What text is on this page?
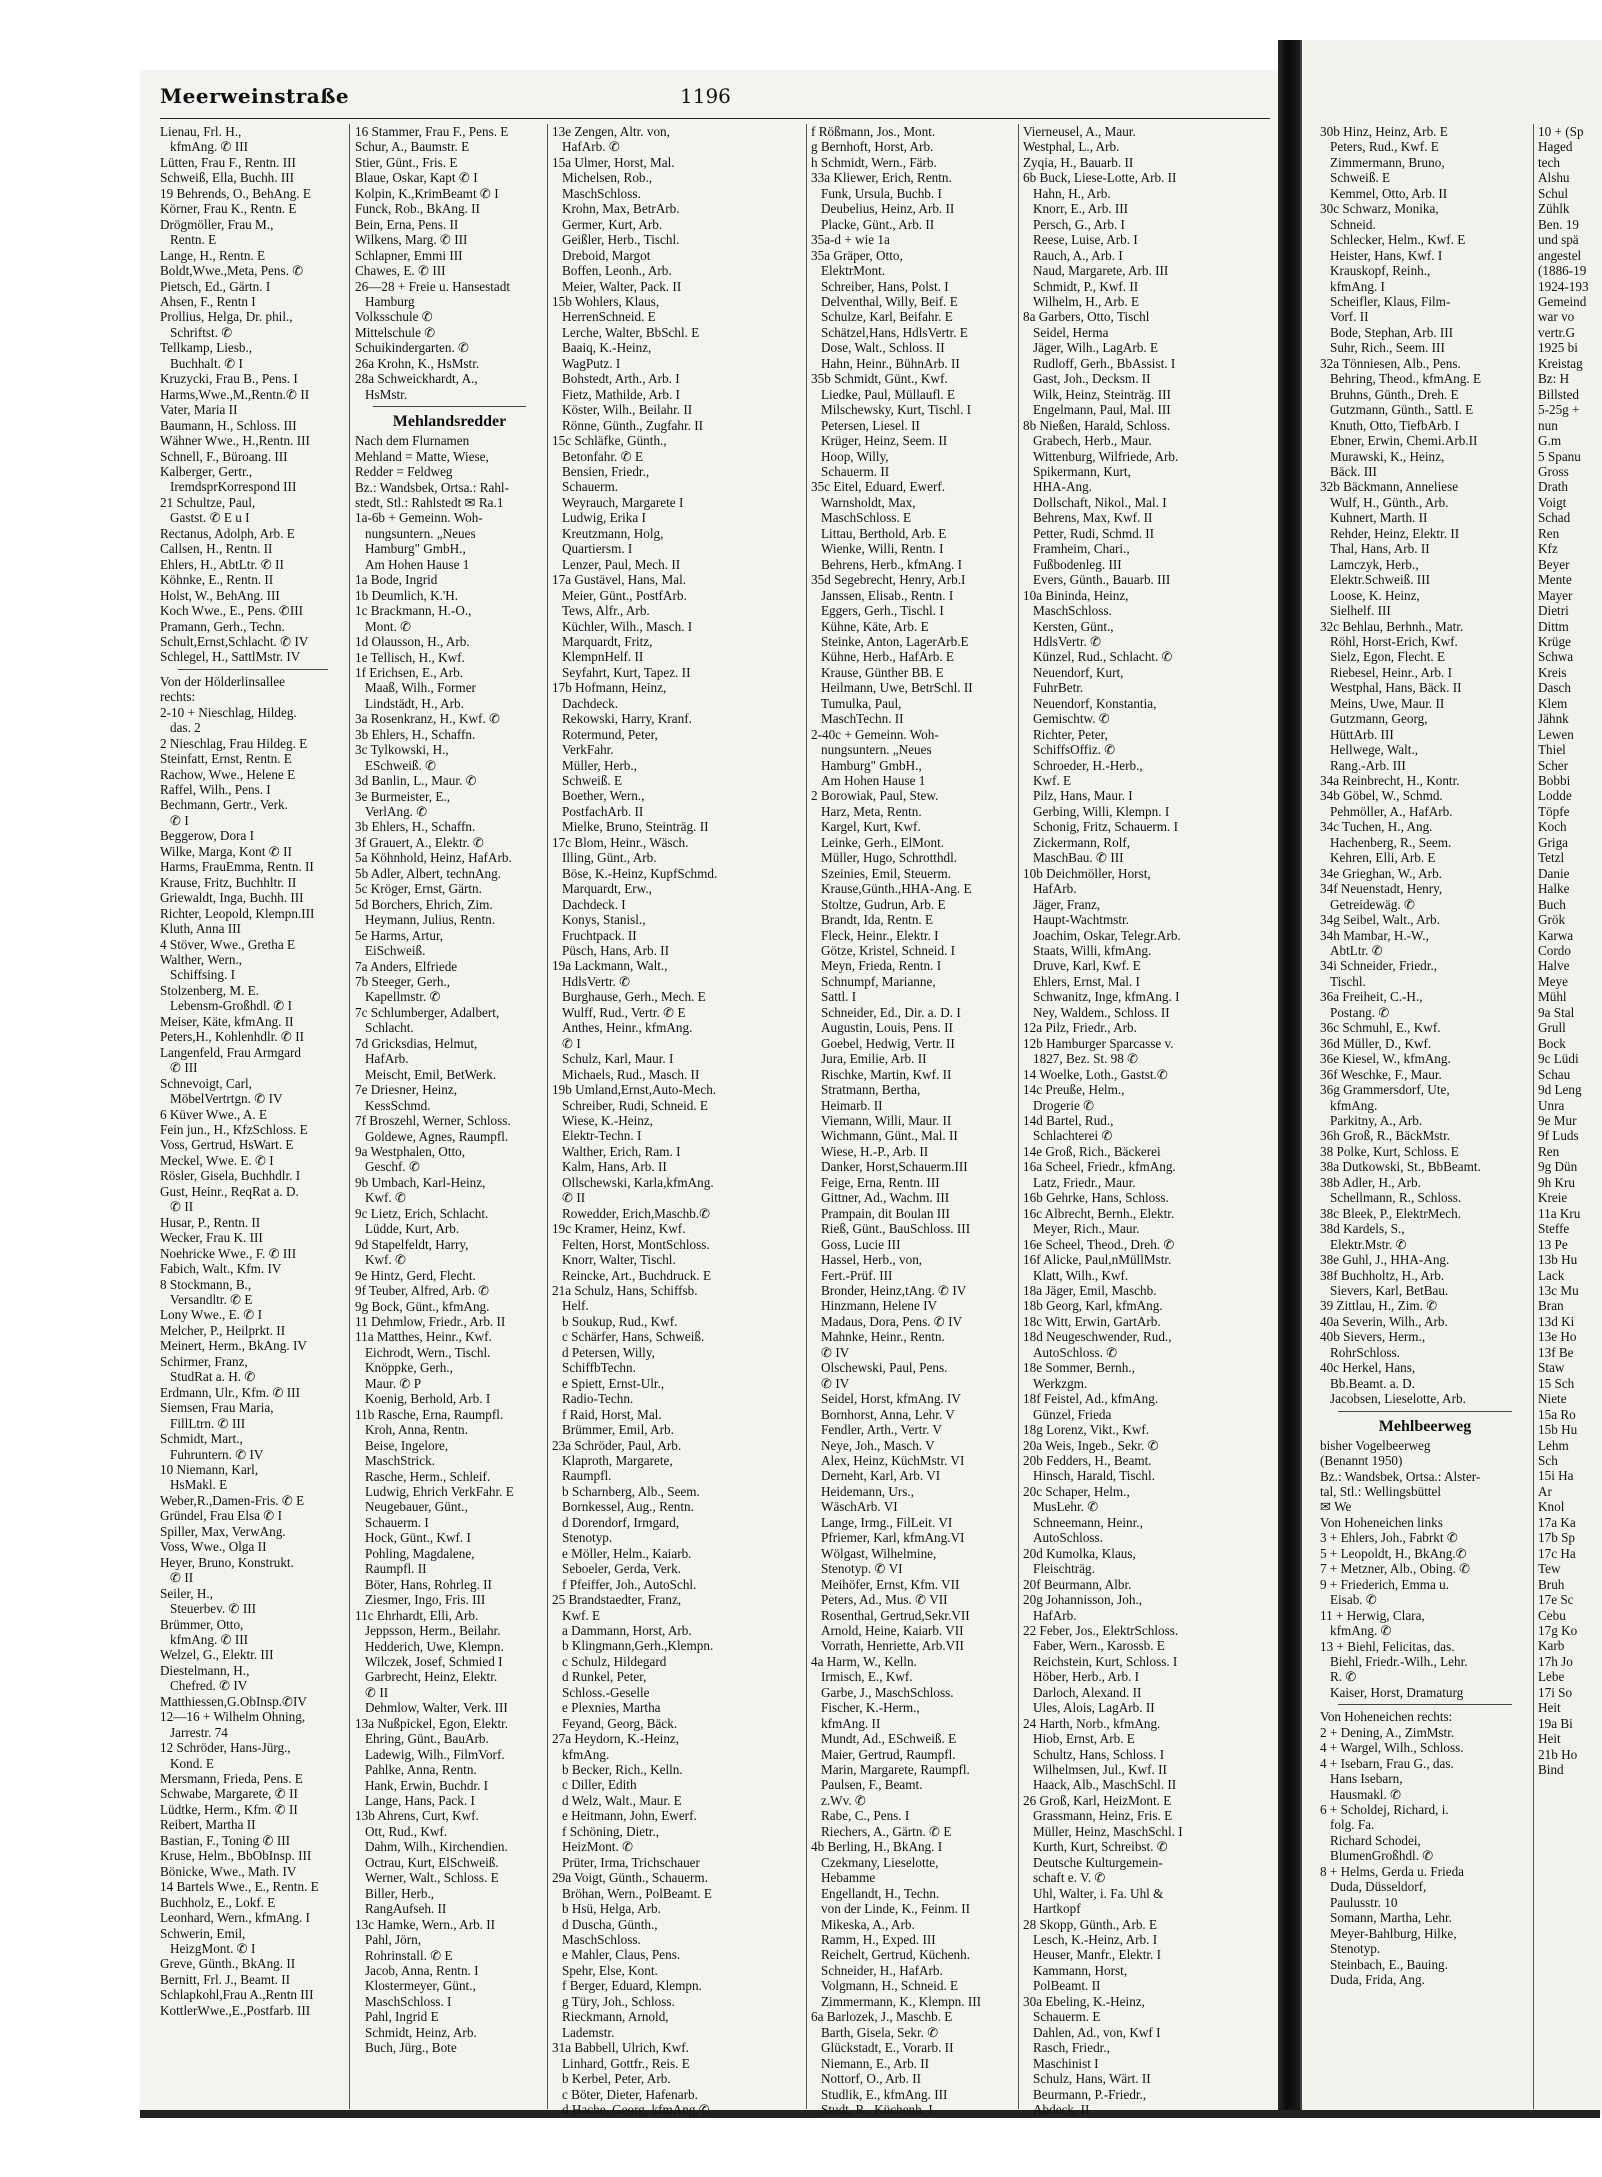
Meerweinstraße	1196
Lienau, Frl. H.,
kfmAng. ✆ III
Lütten, Frau F., Rentn. III
Schweiß, Ella, Buchh. III
19 Behrends, O., BehAng. E
Körner, Frau K., Rentn. E
Drögmöller, Frau M.,
Rentn. E
Lange, H., Rentn. E
Boldt,Wwe.,Meta, Pens. ✆
Pietsch, Ed., Gärtn. I
Ahsen, F., Rentn I
Prollius, Helga, Dr. phil.,
Schriftst. ✆
Tellkamp, Liesb.,
Buchhalt. ✆ I
Kruzycki, Frau B., Pens. I
Harms,Wwe.,M.,Rentn.✆ II
Vater, Maria II
Baumann, H., Schloss. III
Wähner Wwe., H.,Rentn. III
Schnell, F., Büroang. III
Kalberger, Gertr.,
IremdsprKorrespond III
21 Schultze, Paul,
Gastst. ✆ E u I
Rectanus, Adolph, Arb. E
Callsen, H., Rentn. II
Ehlers, H., AbtLtr. ✆ II
Köhnke, E., Rentn. II
Holst, W., BehAng. III
Koch Wwe., E., Pens. ✆III
Pramann, Gerh., Techn.
Schult,Ernst,Schlacht. ✆ IV
Schlegel, H., SattlMstr. IV
Von der Hölderlinsallee
rechts:
2-10 + Nieschlag, Hildeg.
das. 2
2 Nieschlag, Frau Hildeg. E
Steinfatt, Ernst, Rentn. E
Rachow, Wwe., Helene E
Raffel, Wilh., Pens. I
Bechmann, Gertr., Verk.
✆ I
Beggerow, Dora I
Wilke, Marga, Kont ✆ II
Harms, FrauEmma, Rentn. II
Krause, Fritz, Buchhltr. II
Griewaldt, Inga, Buchh. III
Richter, Leopold, Klempn.III
Kluth, Anna III
4 Stöver, Wwe., Gretha E
Walther, Wern.,
Schiffsing. I
Stolzenberg, M. E.
Lebensm-Großhdl. ✆ I
Meiser, Käte, kfmAng. II
Peters,H., Kohlenhdlr. ✆ II
Langenfeld, Frau Armgard
✆ III
Schnevoigt, Carl,
MöbelVertrtgn. ✆ IV
6 Küver Wwe., A. E
Fein jun., H., KfzSchloss. E
Voss, Gertrud, HsWart. E
Meckel, Wwe. E. ✆ I
Rösler, Gisela, Buchhdlr. I
Gust, Heinr., ReqRat a. D.
✆ II
Husar, P., Rentn. II
Wecker, Frau K. III
Noehricke Wwe., F. ✆ III
Fabich, Walt., Kfm. IV
8 Stockmann, B.,
Versandltr. ✆ E
Lony Wwe., E. ✆ I
Melcher, P., Heilprkt. II
Meinert, Herm., BkAng. IV
Schirmer, Franz,
StudRat a. H. ✆
Erdmann, Ulr., Kfm. ✆ III
Siemsen, Frau Maria,
FillLtrn. ✆ III
Schmidt, Mart.,
Fuhruntern. ✆ IV
10 Niemann, Karl,
HsMakl. E
Weber,R.,Damen-Fris. ✆ E
Gründel, Frau Elsa ✆ I
Spiller, Max, VerwAng.
Voss, Wwe., Olga II
Heyer, Bruno, Konstrukt.
✆ II
Seiler, H.,
Steuerbev. ✆ III
Brümmer, Otto,
kfmAng. ✆ III
Welzel, G., Elektr. III
Diestelmann, H.,
Chefred. ✆ IV
Matthiessen,G.ObInsp.✆IV
12—16 + Wilhelm Ohning,
Jarrestr. 74
12 Schröder, Hans-Jürg.,
Kond. E
Mersmann, Frieda, Pens. E
Schwabe, Margarete, ✆ II
Lüdtke, Herm., Kfm. ✆ II
Reibert, Martha II
Bastian, F., Toning ✆ III
Kruse, Helm., BbObInsp. III
Bönicke, Wwe., Math. IV
14 Bartels Wwe., E., Rentn. E
Buchholz, E., Lokf. E
Leonhard, Wern., kfmAng. I
Schwerin, Emil,
HeizgMont. ✆ I
Greve, Günth., BkAng. II
Bernitt, Frl. J., Beamt. II
Schlapkohl,Frau A.,Rentn III
KottlerWwe.,E.,Postfarb. III
16 Stammer, Frau F., Pens. E
Schur, A., Baumstr. E
Stier, Günt., Fris. E
Blaue, Oskar, Kapt ✆ I
Kolpin, K.,KrimBeamt ✆ I
Funck, Rob., BkAng. II
Bein, Erna, Pens. II
Wilkens, Marg. ✆ III
Schlapner, Emmi III
Chawes, E. ✆ III
26—28 + Freie u. Hansestadt
Hamburg
Volksschule ✆
Mittelschule ✆
Schuikindergarten. ✆
26a Krohn, K., HsMstr.
28a Schweickhardt, A.,
HsMstr.
Mehlandsredder
Nach dem Flurnamen
Mehland = Matte, Wiese,
Redder = Feldweg
Bz.: Wandsbek, Ortsa.: Rahl-
stedt, Stl.: Rahlstedt ✉ Ra.1
1a-6b + Gemeinn. Woh-
nungsuntern. „Neues
Hamburg" GmbH.,
Am Hohen Hause 1
1a Bode, Ingrid
1b Deumlich, K.'H.
1c Brackmann, H.-O.,
Mont. ✆
1d Olausson, H., Arb.
1e Tellisch, H., Kwf.
1f Erichsen, E., Arb.
Maaß, Wilh., Former
Lindstädt, H., Arb.
3a Rosenkranz, H., Kwf. ✆
3b Ehlers, H., Schaffn.
3c Tylkowski, H.,
ESchweiß. ✆
3d Banlin, L., Maur. ✆
3e Burmeister, E.,
VerlAng. ✆
3b Ehlers, H., Schaffn.
3f Grauert, A., Elektr. ✆
5a Köhnhold, Heinz, HafArb.
5b Adler, Albert, technAng.
5c Kröger, Ernst, Gärtn.
5d Borchers, Ehrich, Zim.
Heymann, Julius, Rentn.
5e Harms, Artur,
EiSchweiß.
7a Anders, Elfriede
7b Steeger, Gerh.,
Kapellmstr. ✆
7c Schlumberger, Adalbert,
Schlacht.
7d Gricksdias, Helmut,
HafArb.
Meischt, Emil, BetWerk.
7e Driesner, Heinz,
KessSchmd.
7f Broszehl, Werner, Schloss.
Goldewe, Agnes, Raumpfl.
9a Westphalen, Otto,
Geschf. ✆
9b Umbach, Karl-Heinz,
Kwf. ✆
9c Lietz, Erich, Schlacht.
Lüdde, Kurt, Arb.
9d Stapelfeldt, Harry,
Kwf. ✆
9e Hintz, Gerd, Flecht.
9f Teuber, Alfred, Arb. ✆
9g Bock, Günt., kfmAng.
11 Dehmlow, Friedr., Arb. II
11a Matthes, Heinr., Kwf.
Eichrodt, Wern., Tischl.
Knöppke, Gerh.,
Maur. ✆ P
Koenig, Berhold, Arb. I
11b Rasche, Erna, Raumpfl.
Kroh, Anna, Rentn.
Beise, Ingelore,
MaschStrick.
Rasche, Herm., Schleif.
Ludwig, Ehrich VerkFahr. E
Neugebauer, Günt.,
Schauerm. I
Hock, Günt., Kwf. I
Pohling, Magdalene,
Raumpfl. II
Böter, Hans, Rohrleg. II
Ziesmer, Ingo, Fris. III
11c Ehrhardt, Elli, Arb.
Jeppsson, Herm., Beilahr.
Hedderich, Uwe, Klempn.
Wilczek, Josef, Schmied I
Garbrecht, Heinz, Elektr.
✆ II
Dehmlow, Walter, Verk. III
13a Nußpickel, Egon, Elektr.
Ehring, Günt., BauArb.
Ladewig, Wilh., FilmVorf.
Pahlke, Anna, Rentn.
Hank, Erwin, Buchdr. I
Lange, Hans, Pack. I
13b Ahrens, Curt, Kwf.
Ott, Rud., Kwf.
Dahm, Wilh., Kirchendien.
Octrau, Kurt, ElSchweiß.
Werner, Walt., Schloss. E
Biller, Herb.,
RangAufseh. II
13c Hamke, Wern., Arb. II
Pahl, Jörn,
Rohrinstall. ✆ E
Jacob, Anna, Rentn. I
Klostermeyer, Günt.,
MaschSchloss. I
Pahl, Ingrid E
Schmidt, Heinz, Arb.
Buch, Jürg., Bote
13e Zengen, Altr. von,
HafArb. ✆
15a Ulmer, Horst, Mal.
Michelsen, Rob.,
MaschSchloss.
Krohn, Max, BetrArb.
Germer, Kurt, Arb.
Geißler, Herb., Tischl.
Dreboid, Margot
Boffen, Leonh., Arb.
Meier, Walter, Pack. II
15b Wohlers, Klaus,
HerrenSchneid. E
Lerche, Walter, BbSchl. E
Baaiq, K.-Heinz,
WagPutz. I
Bohstedt, Arth., Arb. I
Fietz, Mathilde, Arb. I
Köster, Wilh., Beilahr. II
Rönne, Günth., Zugfahr. II
15c Schläfke, Günth.,
Betonfahr. ✆ E
Bensien, Friedr.,
Schauerm.
Weyrauch, Margarete I
Ludwig, Erika I
Kreutzmann, Holg,
Quartiersm. I
Lenzer, Paul, Mech. II
17a Gustävel, Hans, Mal.
Meier, Günt., PostfArb.
Tews, Alfr., Arb.
Küchler, Wilh., Masch. I
Marquardt, Fritz,
KlempnHelf. II
Seyfahrt, Kurt, Tapez. II
17b Hofmann, Heinz,
Dachdeck.
Rekowski, Harry, Kranf.
Rotermund, Peter,
VerkFahr.
Müller, Herb.,
Schweiß. E
Boether, Wern.,
PostfachArb. II
Mielke, Bruno, Steinträg. II
17c Blom, Heinr., Wäsch.
Illing, Günt., Arb.
Böse, K.-Heinz, KupfSchmd.
Marquardt, Erw.,
Dachdeck. I
Konys, Stanisl.,
Fruchtpack. II
Püsch, Hans, Arb. II
19a Lackmann, Walt.,
HdlsVertr. ✆
Burghause, Gerh., Mech. E
Wulff, Rud., Vertr. ✆ E
Anthes, Heinr., kfmAng.
✆ I
Schulz, Karl, Maur. I
Michaels, Rud., Masch. II
19b Umland,Ernst,Auto-Mech.
Schreiber, Rudi, Schneid. E
Wiese, K.-Heinz,
Elektr-Techn. I
Walther, Erich, Ram. I
Kalm, Hans, Arb. II
Ollschewski, Karla,kfmAng.
✆ II
Rowedder, Erich,Maschb.✆
19c Kramer, Heinz, Kwf.
Felten, Horst, MontSchloss.
Knorr, Walter, Tischl.
Reincke, Art., Buchdruck. E
21a Schulz, Hans, Schiffsb.
Helf.
b Soukup, Rud., Kwf.
c Schärfer, Hans, Schweiß.
d Petersen, Willy,
SchiffbTechn.
e Spiett, Ernst-Ulr.,
Radio-Techn.
f Raid, Horst, Mal.
Brümmer, Emil, Arb.
23a Schröder, Paul, Arb.
Klaproth, Margarete,
Raumpfl.
b Scharnberg, Alb., Seem.
Bornkessel, Aug., Rentn.
d Dorendorf, Irmgard,
Stenotyp.
e Möller, Helm., Kaiarb.
Seboeler, Gerda, Verk.
f Pfeiffer, Joh., AutoSchl.
25 Brandstaedter, Franz,
Kwf. E
a Dammann, Horst, Arb.
b Klingmann,Gerh.,Klempn.
c Schulz, Hildegard
d Runkel, Peter,
Schloss.-Geselle
e Plexnies, Martha
Feyand, Georg, Bäck.
27a Heydorn, K.-Heinz,
kfmAng.
b Becker, Rich., Kelln.
c Diller, Edith
d Welz, Walt., Maur. E
e Heitmann, John, Ewerf.
f Schöning, Dietr.,
HeizMont. ✆
Prüter, Irma, Trichschauer
29a Voigt, Günth., Schauerm.
Bröhan, Wern., PolBeamt. E
b Hsü, Helga, Arb.
d Duscha, Günth.,
MaschSchloss.
e Mahler, Claus, Pens.
Spehr, Else, Kont.
f Berger, Eduard, Klempn.
g Türy, Joh., Schloss.
Rieckmann, Arnold,
Lademstr.
31a Babbell, Ulrich, Kwf.
Linhard, Gottfr., Reis. E
b Kerbel, Peter, Arb.
c Böter, Dieter, Hafenarb.
d Hache, Georg, kfmAng.✆
f Rößmann, Jos., Mont.
g Bernhoft, Horst, Arb.
h Schmidt, Wern., Färb.
33a Kliewer, Erich, Rentn.
Funk, Ursula, Buchb. I
Deubelius, Heinz, Arb. II
Placke, Günt., Arb. II
35a-d + wie 1a
35a Gräper, Otto,
ElektrMont.
Schreiber, Hans, Polst. I
Delventhal, Willy, Beif. E
Schulze, Karl, Beifahr. E
Schätzel,Hans, HdlsVertr. E
Dose, Walt., Schloss. II
Hahn, Heinr., BühnArb. II
35b Schmidt, Günt., Kwf.
Liedke, Paul, Müllaufl. E
Milschewsky, Kurt, Tischl. I
Petersen, Liesel. II
Krüger, Heinz, Seem. II
Hoop, Willy,
Schauerm. II
35c Eitel, Eduard, Ewerf.
Warnsholdt, Max,
MaschSchloss. E
Littau, Berthold, Arb. E
Wienke, Willi, Rentn. I
Behrens, Herb., kfmAng. I
35d Segebrecht, Henry, Arb.I
Janssen, Elisab., Rentn. I
Eggers, Gerh., Tischl. I
Kühne, Käte, Arb. E
Steinke, Anton, LagerArb.E
Kühne, Herb., HafArb. E
Krause, Günther BB. E
Heilmann, Uwe, BetrSchl. II
Tumulka, Paul,
MaschTechn. II
2-40c + Gemeinn. Woh-
nungsuntern. „Neues
Hamburg" GmbH.,
Am Hohen Hause 1
2 Borowiak, Paul, Stew.
Harz, Meta, Rentn.
Kargel, Kurt, Kwf.
Leinke, Gerh., ElMont.
Müller, Hugo, Schrotthdl.
Szeinies, Emil, Steuerm.
Krause,Günth.,HHA-Ang. E
Stoltze, Gudrun, Arb. E
Brandt, Ida, Rentn. E
Fleck, Heinr., Elektr. I
Götze, Kristel, Schneid. I
Meyn, Frieda, Rentn. I
Schnumpf, Marianne,
Sattl. I
Schneider, Ed., Dir. a. D. I
Augustin, Louis, Pens. II
Goebel, Hedwig, Vertr. II
Jura, Emilie, Arb. II
Rischke, Martin, Kwf. II
Stratmann, Bertha,
Heimarb. II
Viemann, Willi, Maur. II
Wichmann, Günt., Mal. II
Wiese, H.-P., Arb. II
Danker, Horst,Schauerm.III
Feige, Erna, Rentn. III
Gittner, Ad., Wachm. III
Prampain, dit Boulan III
Rieß, Günt., BauSchloss. III
Goss, Lucie III
Hassel, Herb., von,
Fert.-Prüf. III
Bronder, Heinz,tAng. ✆ IV
Hinzmann, Helene IV
Madaus, Dora, Pens. ✆ IV
Mahnke, Heinr., Rentn.
✆ IV
Olschewski, Paul, Pens.
✆ IV
Seidel, Horst, kfmAng. IV
Bornhorst, Anna, Lehr. V
Fendler, Arth., Vertr. V
Neye, Joh., Masch. V
Alex, Heinz, KüchMstr. VI
Derneht, Karl, Arb. VI
Heidemann, Urs.,
WäschArb. VI
Lange, Irmg., FilLeit. VI
Pfriemer, Karl, kfmAng.VI
Wölgast, Wilhelmine,
Stenotyp. ✆ VI
Meihöfer, Ernst, Kfm. VII
Peters, Ad., Mus. ✆ VII
Rosenthal, Gertrud,Sekr.VII
Arnold, Heine, Kaiarb. VII
Vorrath, Henriette, Arb.VII
4a Harm, W., Kelln.
Irmisch, E., Kwf.
Garbe, J., MaschSchloss.
Fischer, K.-Herm.,
kfmAng. II
Mundt, Ad., ESchweiß. E
Maier, Gertrud, Raumpfl.
Marin, Margarete, Raumpfl.
Paulsen, F., Beamt.
z.Wv. ✆
Rabe, C., Pens. I
Riechers, A., Gärtn. ✆ E
4b Berling, H., BkAng. I
Czekmany, Lieselotte,
Hebamme
Engellandt, H., Techn.
von der Linde, K., Feinm. II
Mikeska, A., Arb.
Ramm, H., Exped. III
Reichelt, Gertrud, Küchenh.
Schneider, H., HafArb.
Volgmann, H., Schneid. E
Zimmermann, K., Klempn. III
6a Barlozek, J., Maschb. E
Barth, Gisela, Sekr. ✆
Glückstadt, E., Vorarb. II
Niemann, E., Arb. II
Nottorf, O., Arb. II
Studlik, E., kfmAng. III
Studt, R., Küchenh. I
Vierneusel, A., Maur.
Westphal, L., Arb.
Zyqia, H., Bauarb. II
6b Buck, Liese-Lotte, Arb. II
Hahn, H., Arb.
Knorr, E., Arb. III
Persch, G., Arb. I
Reese, Luise, Arb. I
Rauch, A., Arb. I
Naud, Margarete, Arb. III
Schmidt, P., Kwf. II
Wilhelm, H., Arb. E
8a Garbers, Otto, Tischl
Seidel, Herma
Jäger, Wilh., LagArb. E
Rudloff, Gerh., BbAssist. I
Gast, Joh., Decksm. II
Wilk, Heinz, Steinträg. III
Engelmann, Paul, Mal. III
8b Nießen, Harald, Schloss.
Grabech, Herb., Maur.
Wittenburg, Wilfriede, Arb.
Spikermann, Kurt,
HHA-Ang.
Dollschaft, Nikol., Mal. I
Behrens, Max, Kwf. II
Petter, Rudi, Schmd. II
Framheim, Chari.,
Fußbodenleg. III
Evers, Günth., Bauarb. III
10a Bininda, Heinz,
MaschSchloss.
Kersten, Günt.,
HdlsVertr. ✆
Künzel, Rud., Schlacht. ✆
Neuendorf, Kurt,
FuhrBetr.
Neuendorf, Konstantia,
Gemischtw. ✆
Richter, Peter,
SchiffsOffiz. ✆
Schroeder, H.-Herb.,
Kwf. E
Pilz, Hans, Maur. I
Gerbing, Willi, Klempn. I
Schonig, Fritz, Schauerm. I
Zickermann, Rolf,
MaschBau. ✆ III
10b Deichmöller, Horst,
HafArb.
Jäger, Franz,
Haupt-Wachtmstr.
Joachim, Oskar, Telegr.Arb.
Staats, Willi, kfmAng.
Druve, Karl, Kwf. E
Ehlers, Ernst, Mal. I
Schwanitz, Inge, kfmAng. I
Ney, Waldem., Schloss. II
12a Pilz, Friedr., Arb.
12b Hamburger Sparcasse v.
1827, Bez. St. 98 ✆
14 Woelke, Loth., Gastst.✆
14c Preuße, Helm.,
Drogerie ✆
14d Bartel, Rud.,
Schlachterei ✆
14e Groß, Rich., Bäckerei
16a Scheel, Friedr., kfmAng.
Latz, Friedr., Maur.
16b Gehrke, Hans, Schloss.
16c Albrecht, Bernh., Elektr.
Meyer, Rich., Maur.
16e Scheel, Theod., Dreh. ✆
16f Alicke, Paul,nMüllMstr.
Klatt, Wilh., Kwf.
18a Jäger, Emil, Maschb.
18b Georg, Karl, kfmAng.
18c Witt, Erwin, GartArb.
18d Neugeschwender, Rud.,
AutoSchloss. ✆
18e Sommer, Bernh.,
Werkzgm.
18f Feistel, Ad., kfmAng.
Günzel, Frieda
18g Lorenz, Vikt., Kwf.
20a Weis, Ingeb., Sekr. ✆
20b Fedders, H., Beamt.
Hinsch, Harald, Tischl.
20c Schaper, Helm.,
MusLehr. ✆
Schneemann, Heinr.,
AutoSchloss.
20d Kumolka, Klaus,
Fleischträg.
20f Beurmann, Albr.
20g Johannisson, Joh.,
HafArb.
22 Feber, Jos., ElektrSchloss.
Faber, Wern., Karossb. E
Reichstein, Kurt, Schloss. I
Höber, Herb., Arb. I
Darloch, Alexand. II
Ules, Alois, LagArb. II
24 Harth, Norb., kfmAng.
Hiob, Ernst, Arb. E
Schultz, Hans, Schloss. I
Wilhelmsen, Jul., Kwf. II
Haack, Alb., MaschSchl. II
26 Groß, Karl, HeizMont. E
Grassmann, Heinz, Fris. E
Müller, Heinz, MaschSchl. I
Kurth, Kurt, Schreibst. ✆
Deutsche Kulturgemein-
schaft e. V. ✆
Uhl, Walter, i. Fa. Uhl &
Hartkopf
28 Skopp, Günth., Arb. E
Lesch, K.-Heinz, Arb. I
Heuser, Manfr., Elektr. I
Kammann, Horst,
PolBeamt. II
30a Ebeling, K.-Heinz,
Schauerm. E
Dahlen, Ad., von, Kwf I
Rasch, Friedr.,
Maschinist I
Schulz, Hans, Wärt. II
Beurmann, P.-Friedr.,
Abdeck. II
30b Hinz, Heinz, Arb. E
Peters, Rud., Kwf. E
Zimmermann, Bruno,
Schweiß. E
Kemmel, Otto, Arb. II
30c Schwarz, Monika,
Schneid.
Schlecker, Helm., Kwf. E
Heister, Hans, Kwf. I
Krauskopf, Reinh.,
kfmAng. I
Scheifler, Klaus, Film-
Vorf. II
Bode, Stephan, Arb. III
Suhr, Rich., Seem. III
32a Tönniesen, Alb., Pens.
Behring, Theod., kfmAng. E
Bruhns, Günth., Dreh. E
Gutzmann, Günth., Sattl. E
Knuth, Otto, TiefbArb. I
Ebner, Erwin, Chemi.Arb.II
Murawski, K., Heinz,
Bäck. III
32b Bäckmann, Anneliese
Wulf, H., Günth., Arb.
Kuhnert, Marth. II
Rehder, Heinz, Elektr. II
Thal, Hans, Arb. II
Lamczyk, Herb.,
Elektr.Schweiß. III
Loose, K. Heinz,
Sielhelf. III
32c Behlau, Berhnh., Matr.
Röhl, Horst-Erich, Kwf.
Sielz, Egon, Flecht. E
Riebesel, Heinr., Arb. I
Westphal, Hans, Bäck. II
Meins, Uwe, Maur. II
Gutzmann, Georg,
HüttArb. III
Hellwege, Walt.,
Rang.-Arb. III
34a Reinbrecht, H., Kontr.
34b Göbel, W., Schmd.
Pehmöller, A., HafArb.
34c Tuchen, H., Ang.
Hachenberg, R., Seem.
Kehren, Elli, Arb. E
34e Grieghan, W., Arb.
34f Neuenstadt, Henry,
Getreidewäg. ✆
34g Seibel, Walt., Arb.
34h Mambar, H.-W.,
AbtLtr. ✆
34i Schneider, Friedr.,
Tischl.
36a Freiheit, C.-H.,
Postang. ✆
36c Schmuhl, E., Kwf.
36d Müller, D., Kwf.
36e Kiesel, W., kfmAng.
36f Weschke, F., Maur.
36g Grammersdorf, Ute,
kfmAng.
Parkitny, A., Arb.
36h Groß, R., BäckMstr.
38 Polke, Kurt, Schloss. E
38a Dutkowski, St., BbBeamt.
38b Adler, H., Arb.
Schellmann, R., Schloss.
38c Bleek, P., ElektrMech.
38d Kardels, S.,
Elektr.Mstr. ✆
38e Guhl, J., HHA-Ang.
38f Buchholtz, H., Arb.
Sievers, Karl, BetBau.
39 Zittlau, H., Zim. ✆
40a Severin, Wilh., Arb.
40b Sievers, Herm.,
RohrSchloss.
40c Herkel, Hans,
Bb.Beamt. a. D.
Jacobsen, Lieselotte, Arb.
Mehlbeerweg
bisher Vogelbeerweg
(Benannt 1950)
Bz.: Wandsbek, Ortsa.: Alster-
tal, Stl.: Wellingsbüttel
✉ We
Von Hoheneichen links
3 + Ehlers, Joh., Fabrkt ✆
5 + Leopoldt, H., BkAng.✆
7 + Metzner, Alb., Obing. ✆
9 + Friederich, Emma u.
Eisab. ✆
11 + Herwig, Clara,
kfmAng. ✆
13 + Biehl, Felicitas, das.
Biehl, Friedr.-Wilh., Lehr.
R. ✆
Kaiser, Horst, Dramaturg
Von Hoheneichen rechts:
2 + Dening, A., ZimMstr.
4 + Wargel, Wilh., Schloss.
4 + Isebarn, Frau G., das.
Hans Isebarn,
Hausmakl. ✆
6 + Scholdej, Richard, i.
folg. Fa.
Richard Schodei,
BlumenGroßhdl. ✆
8 + Helms, Gerda u. Frieda
Duda, Düsseldorf,
Paulusstr. 10
Somann, Martha, Lehr.
Meyer-Bahlburg, Hilke,
Stenotyp.
Steinbach, E., Bauing.
Duda, Frida, Ang.
10 + (Sp
Haged
tech
Alshu
Schul
Zühlk
Ben. 19
und spä
angestel
(1886-19
1924-193
Gemeind
war vo
vertr.G
1925 bi
Kreistag
Bz: H
Billsted
5-25g +
nun
G.m
5 Spanu
Gross
Drath
Voigt
Schad
Ren
Kfz
Beyer
Mente
Mayer
Dietri
Dittm
Krüge
Schwa
Kreis
Dasch
Klem
Jähnk
Lewen
Thiel
Scher
Bobbi
Lodde
Töpfe
Koch
Griga
Tetzl
Danie
Halke
Buch
Grök
Karwa
Cordo
Halve
Meye
Mühl
9a Stal
Grull
Bock
9c Lüdi
Schau
9d Leng
Unra
9e Mur
9f Luds
Ren
9g Dün
9h Kru
Kreie
11a Kru
Steffe
13 Pe
13b Hu
Lack
13c Mu
Bran
13d Ki
13e Ho
13f Be
Staw
15 Sch
Niete
15a Ro
15b Hu
Lehm
Sch
15i Ha
Ar
Knol
17a Ka
17b Sp
17c Ha
Tew
Bruh
17e Sc
Cebu
17g Ko
Karb
17h Jo
Lebe
17i So
Heit
19a Bi
Heit
21b Ho
Bind
